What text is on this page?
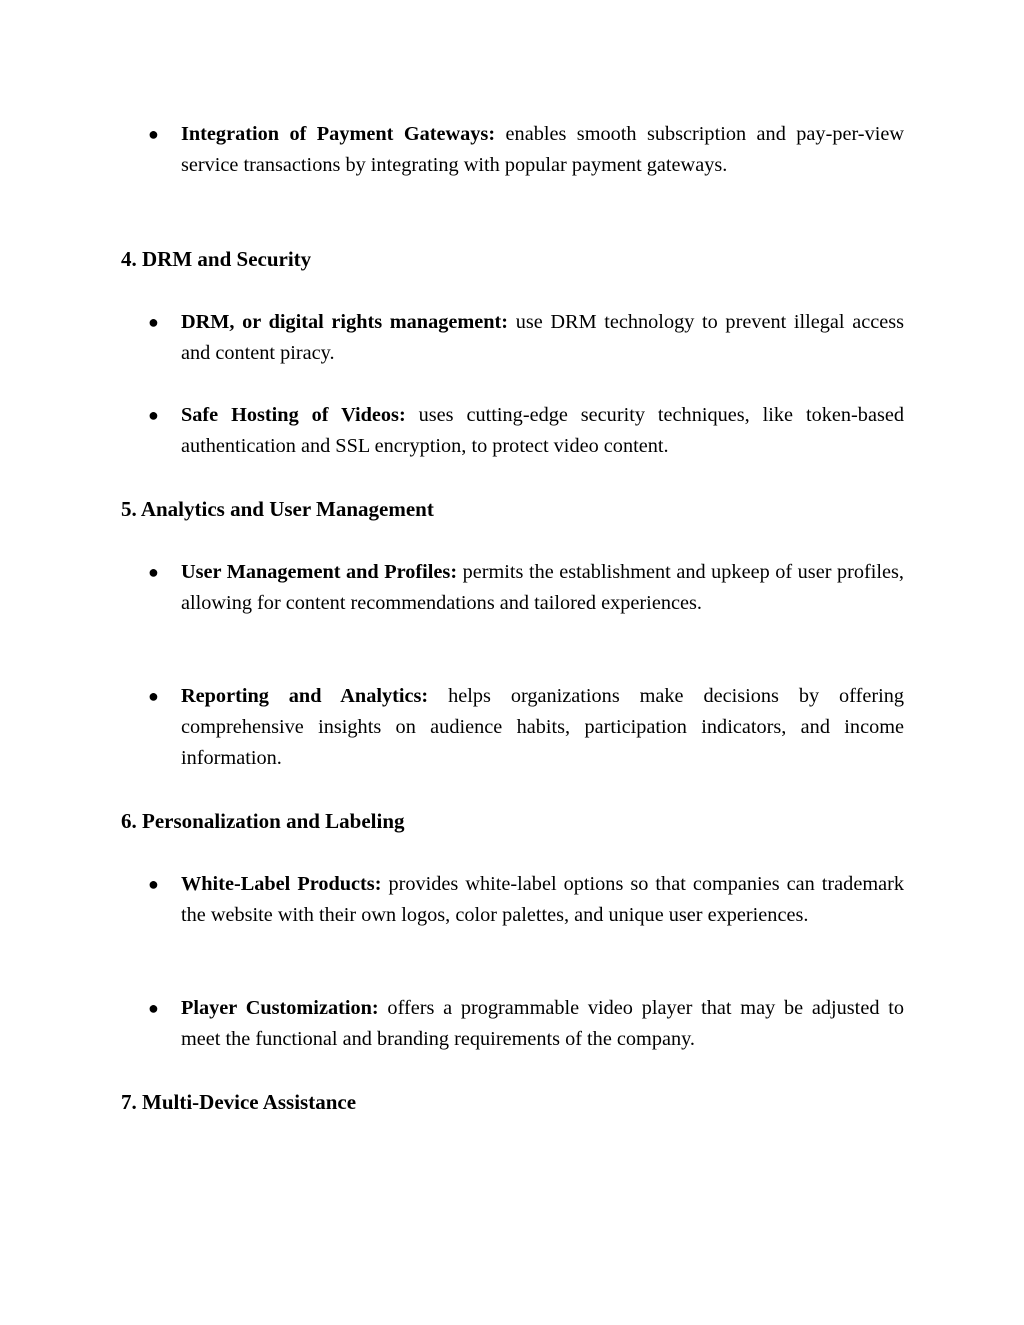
●	Integration of Payment Gateways: enables smooth subscription and pay-per-view service transactions by integrating with popular payment gateways.
4. DRM and Security
●	DRM, or digital rights management: use DRM technology to prevent illegal access and content piracy.
●	Safe Hosting of Videos: uses cutting-edge security techniques, like token-based authentication and SSL encryption, to protect video content.
5. Analytics and User Management
●	User Management and Profiles: permits the establishment and upkeep of user profiles, allowing for content recommendations and tailored experiences.
●	Reporting and Analytics: helps organizations make decisions by offering comprehensive insights on audience habits, participation indicators, and income information.
6. Personalization and Labeling
●	White-Label Products: provides white-label options so that companies can trademark the website with their own logos, color palettes, and unique user experiences.
●	Player Customization: offers a programmable video player that may be adjusted to meet the functional and branding requirements of the company.
7. Multi-Device Assistance
